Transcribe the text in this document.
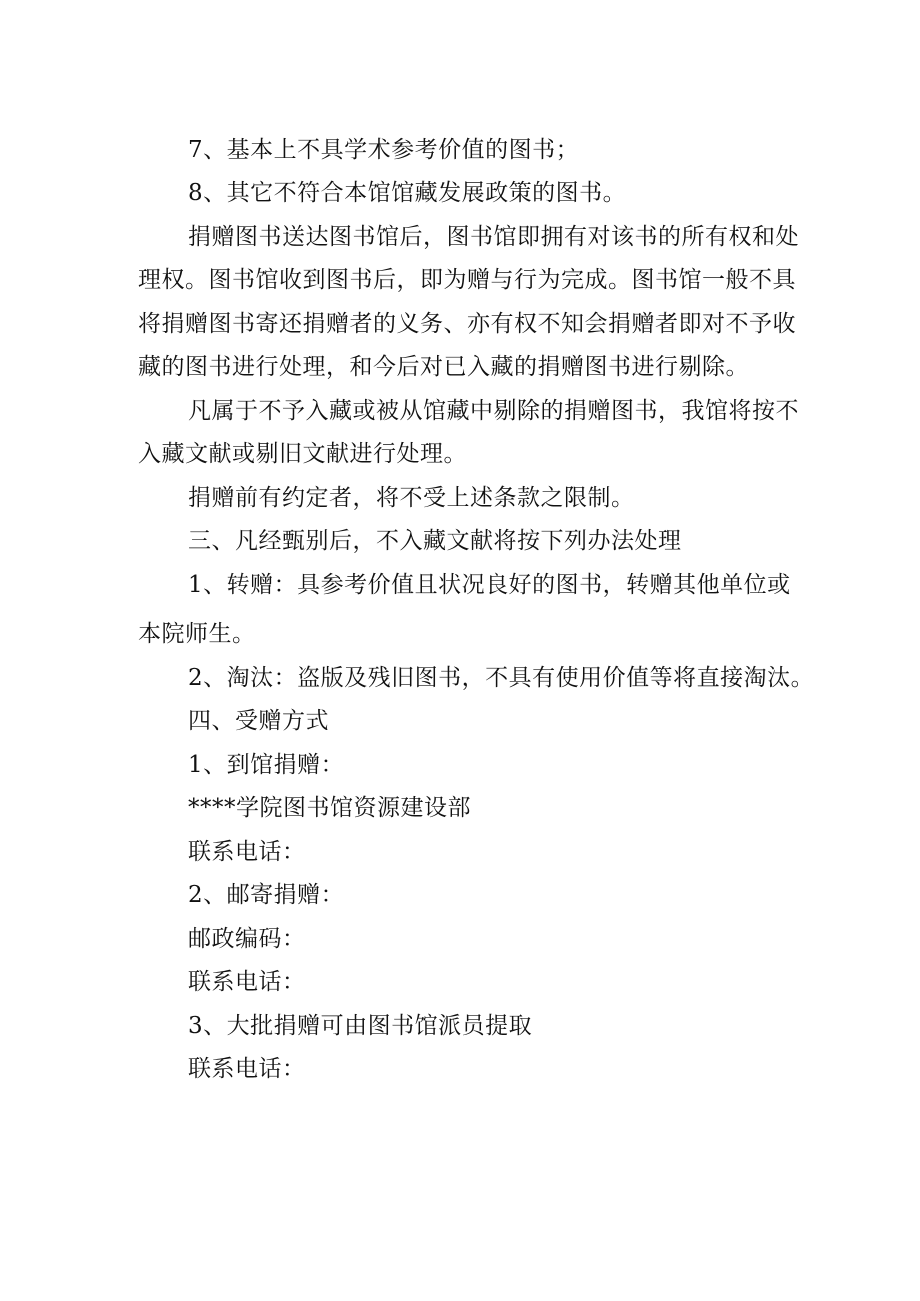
7、基本上不具学术参考价值的图书；
8、其它不符合本馆馆藏发展政策的图书。
捐赠图书送达图书馆后，图书馆即拥有对该书的所有权和处
理权。图书馆收到图书后，即为赠与行为完成。图书馆一般不具
将捐赠图书寄还捐赠者的义务、亦有权不知会捐赠者即对不予收
藏的图书进行处理，和今后对已入藏的捐赠图书进行剔除。
凡属于不予入藏或被从馆藏中剔除的捐赠图书，我馆将按不
入藏文献或剔旧文献进行处理。
捐赠前有约定者，将不受上述条款之限制。
三、凡经甄别后，不入藏文献将按下列办法处理
1、转赠：具参考价值且状况良好的图书，转赠其他单位或
本院师生。
2、淘汰：盗版及残旧图书，不具有使用价值等将直接淘汰。
四、受赠方式
1、到馆捐赠：
****学院图书馆资源建设部
联系电话：
2、邮寄捐赠：
邮政编码：
联系电话：
3、大批捐赠可由图书馆派员提取
联系电话：
